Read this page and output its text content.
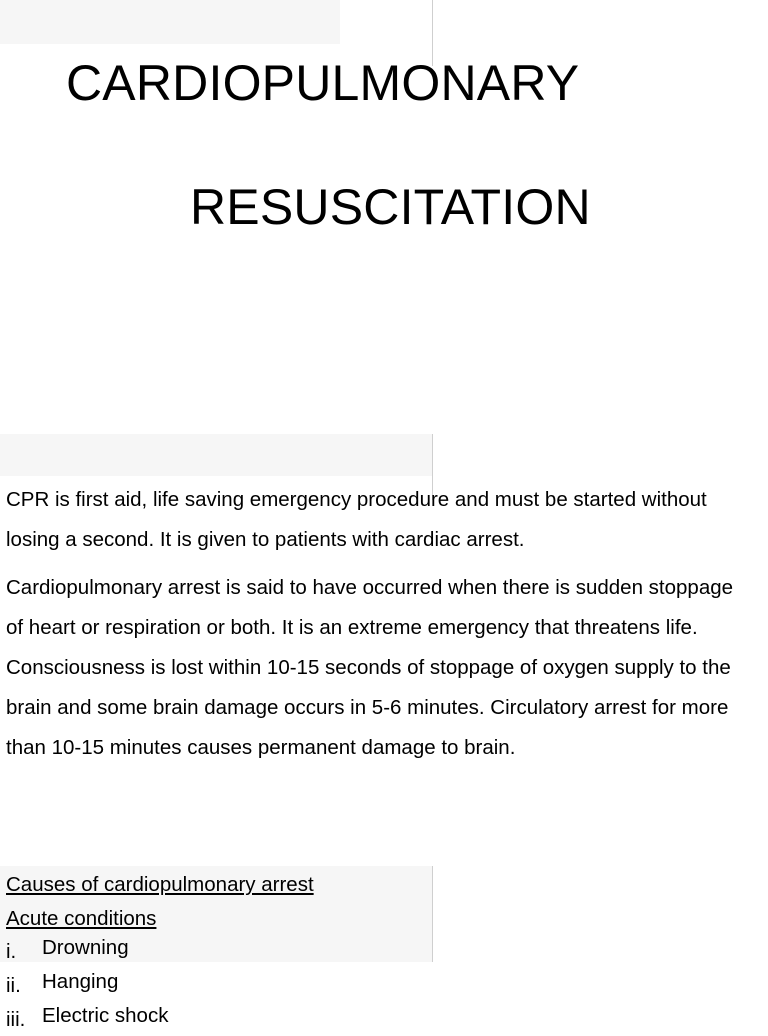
CARDIOPULMONARY
RESUSCITATION

CPR is first aid, life saving emergency procedure and must be started without losing a second. It is given to patients with cardiac arrest.

Cardiopulmonary arrest is said to have occurred when there is sudden stoppage of heart or respiration or both. It is an extreme emergency that threatens life. Consciousness is lost within 10-15 seconds of stoppage of oxygen supply to the brain and some brain damage occurs in 5-6 minutes. Circulatory arrest for more than 10-15 minutes causes permanent damage to brain.

Causes of cardiopulmonary arrest

Acute conditions

i. Drowning
ii. Hanging
iii. Electric shock
